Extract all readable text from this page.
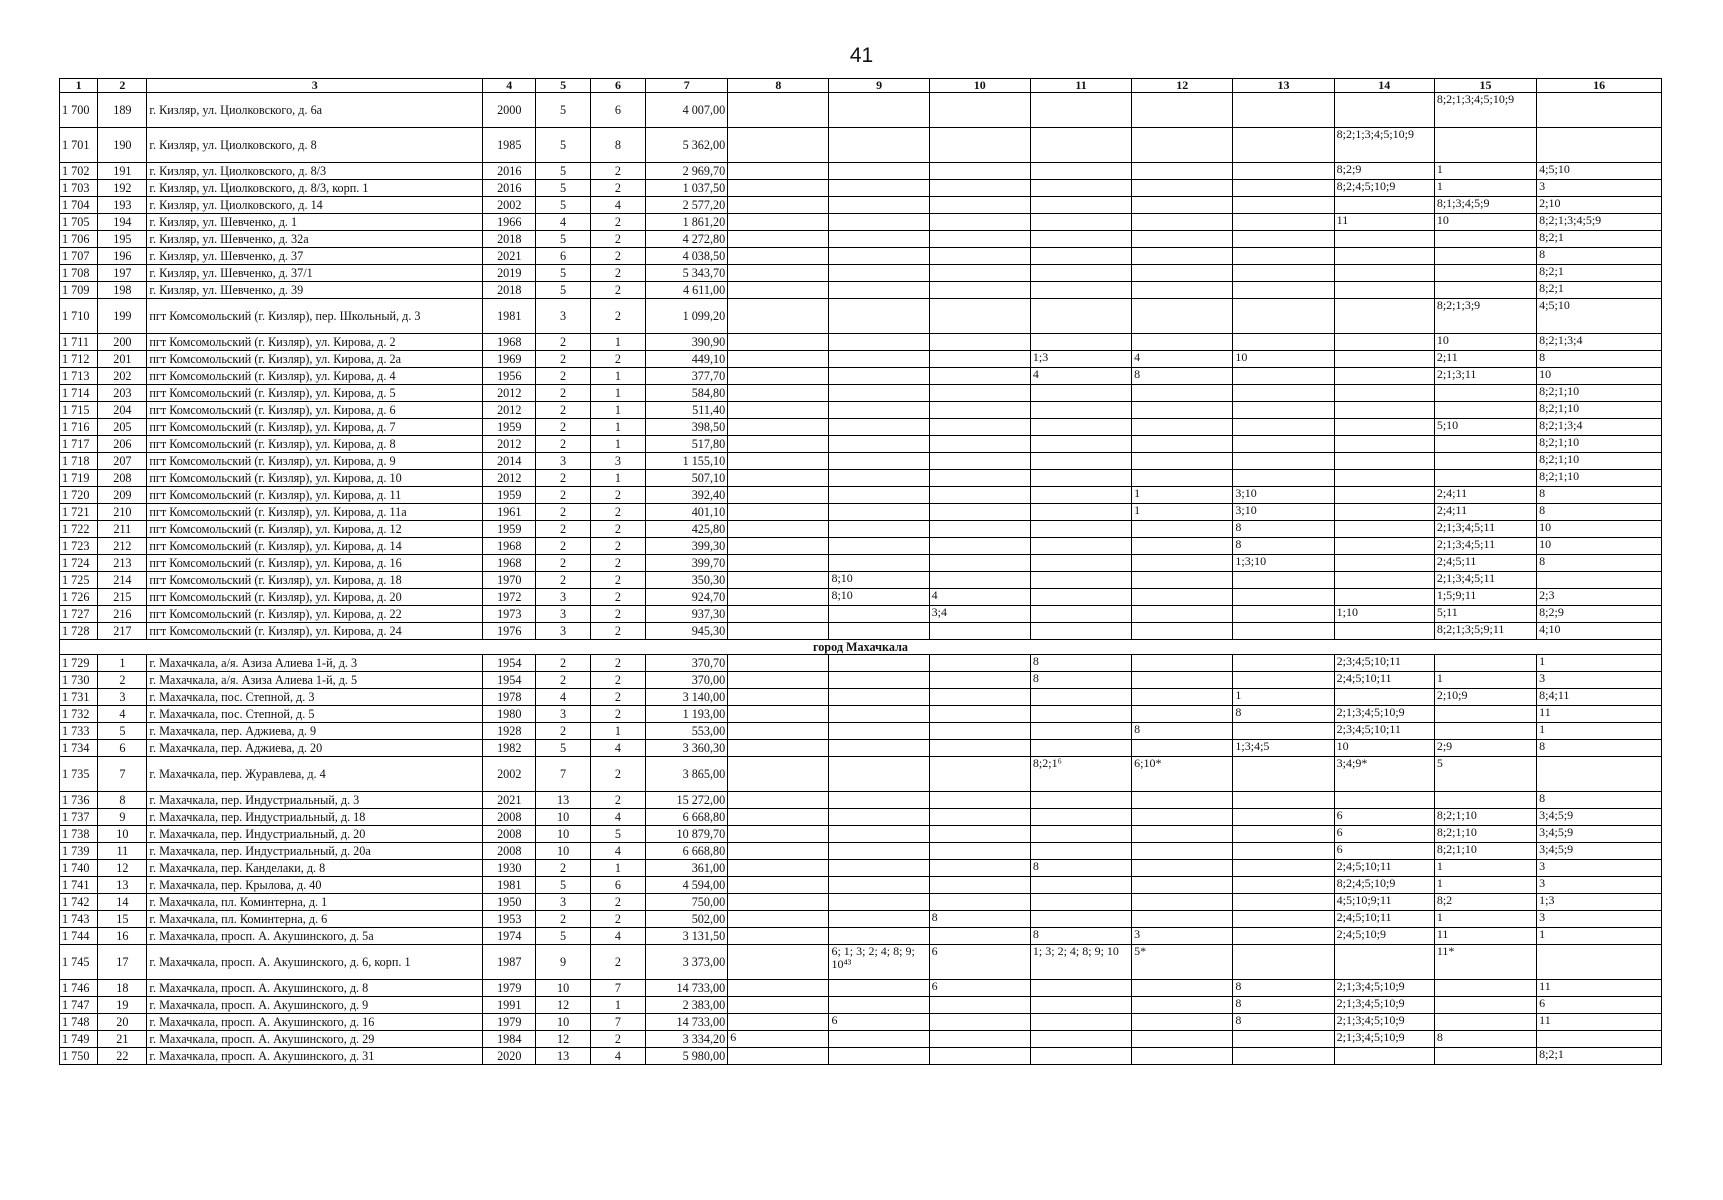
41
1	2	3	4	5	6	7	8	9	10	11	12	13	14	15	16
1 700	189	г. Кизляр, ул. Циолковского, д. 6а	2000	5	6	4 007,00								8;2;1;3;4;5;10;9	
1 701	190	г. Кизляр, ул. Циолковского, д. 8	1985	5	8	5 362,00							8;2;1;3;4;5;10;9		
1 702	191	г. Кизляр, ул. Циолковского, д. 8/3	2016	5	2	2 969,70							8;2;9	1	4;5;10
1 703	192	г. Кизляр, ул. Циолковского, д. 8/3, корп. 1	2016	5	2	1 037,50							8;2;4;5;10;9	1	3
1 704	193	г. Кизляр, ул. Циолковского, д. 14	2002	5	4	2 577,20								8;1;3;4;5;9	2;10
1 705	194	г. Кизляр, ул. Шевченко, д. 1	1966	4	2	1 861,20							11	10	8;2;1;3;4;5;9
1 706	195	г. Кизляр, ул. Шевченко, д. 32а	2018	5	2	4 272,80									8;2;1
1 707	196	г. Кизляр, ул. Шевченко, д. 37	2021	6	2	4 038,50									8
1 708	197	г. Кизляр, ул. Шевченко, д. 37/1	2019	5	2	5 343,70									8;2;1
1 709	198	г. Кизляр, ул. Шевченко, д. 39	2018	5	2	4 611,00									8;2;1
1 710	199	пгт Комсомольский (г. Кизляр), пер. Школьный, д. 3	1981	3	2	1 099,20								8;2;1;3;9	4;5;10
1 711	200	пгт Комсомольский (г. Кизляр), ул. Кирова, д. 2	1968	2	1	390,90								10	8;2;1;3;4
1 712	201	пгт Комсомольский (г. Кизляр), ул. Кирова, д. 2а	1969	2	2	449,10				1;3	4	10		2;11	8
1 713	202	пгт Комсомольский (г. Кизляр), ул. Кирова, д. 4	1956	2	1	377,70				4	8			2;1;3;11	10
1 714	203	пгт Комсомольский (г. Кизляр), ул. Кирова, д. 5	2012	2	1	584,80									8;2;1;10
1 715	204	пгт Комсомольский (г. Кизляр), ул. Кирова, д. 6	2012	2	1	511,40									8;2;1;10
1 716	205	пгт Комсомольский (г. Кизляр), ул. Кирова, д. 7	1959	2	1	398,50								5;10	8;2;1;3;4
1 717	206	пгт Комсомольский (г. Кизляр), ул. Кирова, д. 8	2012	2	1	517,80									8;2;1;10
1 718	207	пгт Комсомольский (г. Кизляр), ул. Кирова, д. 9	2014	3	3	1 155,10									8;2;1;10
1 719	208	пгт Комсомольский (г. Кизляр), ул. Кирова, д. 10	2012	2	1	507,10									8;2;1;10
1 720	209	пгт Комсомольский (г. Кизляр), ул. Кирова, д. 11	1959	2	2	392,40					1	3;10		2;4;11	8
1 721	210	пгт Комсомольский (г. Кизляр), ул. Кирова, д. 11а	1961	2	2	401,10					1	3;10		2;4;11	8
1 722	211	пгт Комсомольский (г. Кизляр), ул. Кирова, д. 12	1959	2	2	425,80						8		2;1;3;4;5;11	10
1 723	212	пгт Комсомольский (г. Кизляр), ул. Кирова, д. 14	1968	2	2	399,30						8		2;1;3;4;5;11	10
1 724	213	пгт Комсомольский (г. Кизляр), ул. Кирова, д. 16	1968	2	2	399,70						1;3;10		2;4;5;11	8
1 725	214	пгт Комсомольский (г. Кизляр), ул. Кирова, д. 18	1970	2	2	350,30		8;10						2;1;3;4;5;11	
1 726	215	пгт Комсомольский (г. Кизляр), ул. Кирова, д. 20	1972	3	2	924,70		8;10	4					1;5;9;11	2;3
1 727	216	пгт Комсомольский (г. Кизляр), ул. Кирова, д. 22	1973	3	2	937,30			3;4				1;10	5;11	8;2;9
1 728	217	пгт Комсомольский (г. Кизляр), ул. Кирова, д. 24	1976	3	2	945,30								8;2;1;3;5;9;11	4;10
город Махачкала															
1 729	1	г. Махачкала, а/я. Азиза Алиева 1-й, д. 3	1954	2	2	370,70				8			2;3;4;5;10;11		1
1 730	2	г. Махачкала, а/я. Азиза Алиева 1-й, д. 5	1954	2	2	370,00				8			2;4;5;10;11	1	3
1 731	3	г. Махачкала, пос. Степной, д. 3	1978	4	2	3 140,00						1		2;10;9	8;4;11
1 732	4	г. Махачкала, пос. Степной, д. 5	1980	3	2	1 193,00						8	2;1;3;4;5;10;9		11
1 733	5	г. Махачкала, пер. Аджиева, д. 9	1928	2	1	553,00					8		2;3;4;5;10;11		1
1 734	6	г. Махачкала, пер. Аджиева, д. 20	1982	5	4	3 360,30						1;3;4;5	10	2;9	8
1 735	7	г. Махачкала, пер. Журавлева, д. 4	2002	7	2	3 865,00				8;2;1⁶	6;10*		3;4;9*	5	
1 736	8	г. Махачкала, пер. Индустриальный, д. 3	2021	13	2	15 272,00									8
1 737	9	г. Махачкала, пер. Индустриальный, д. 18	2008	10	4	6 668,80							6	8;2;1;10	3;4;5;9
1 738	10	г. Махачкала, пер. Индустриальный, д. 20	2008	10	5	10 879,70							6	8;2;1;10	3;4;5;9
1 739	11	г. Махачкала, пер. Индустриальный, д. 20а	2008	10	4	6 668,80							6	8;2;1;10	3;4;5;9
1 740	12	г. Махачкала, пер. Канделаки, д. 8	1930	2	1	361,00				8			2;4;5;10;11	1	3
1 741	13	г. Махачкала, пер. Крылова, д. 40	1981	5	6	4 594,00							8;2;4;5;10;9	1	3
1 742	14	г. Махачкала, пл. Коминтерна, д. 1	1950	3	2	750,00							4;5;10;9;11	8;2	1;3
1 743	15	г. Махачкала, пл. Коминтерна, д. 6	1953	2	2	502,00			8				2;4;5;10;11	1	3
1 744	16	г. Махачкала, просп. А. Акушинского, д. 5а	1974	5	4	3 131,50				8	3		2;4;5;10;9	11	1
1 745	17	г. Махачкала, просп. А. Акушинского, д. 6, корп. 1	1987	9	2	3 373,00		6; 1; 3; 2; 4; 8; 9; 10⁴³	6	1; 3; 2; 4; 8; 9; 10	5*			11*	
1 746	18	г. Махачкала, просп. А. Акушинского, д. 8	1979	10	7	14 733,00			6			8	2;1;3;4;5;10;9		11
1 747	19	г. Махачкала, просп. А. Акушинского, д. 9	1991	12	1	2 383,00						8	2;1;3;4;5;10;9		6
1 748	20	г. Махачкала, просп. А. Акушинского, д. 16	1979	10	7	14 733,00		6				8	2;1;3;4;5;10;9		11
1 749	21	г. Махачкала, просп. А. Акушинского, д. 29	1984	12	2	3 334,20	6						2;1;3;4;5;10;9	8	
1 750	22	г. Махачкала, просп. А. Акушинского, д. 31	2020	13	4	5 980,00									8;2;1
